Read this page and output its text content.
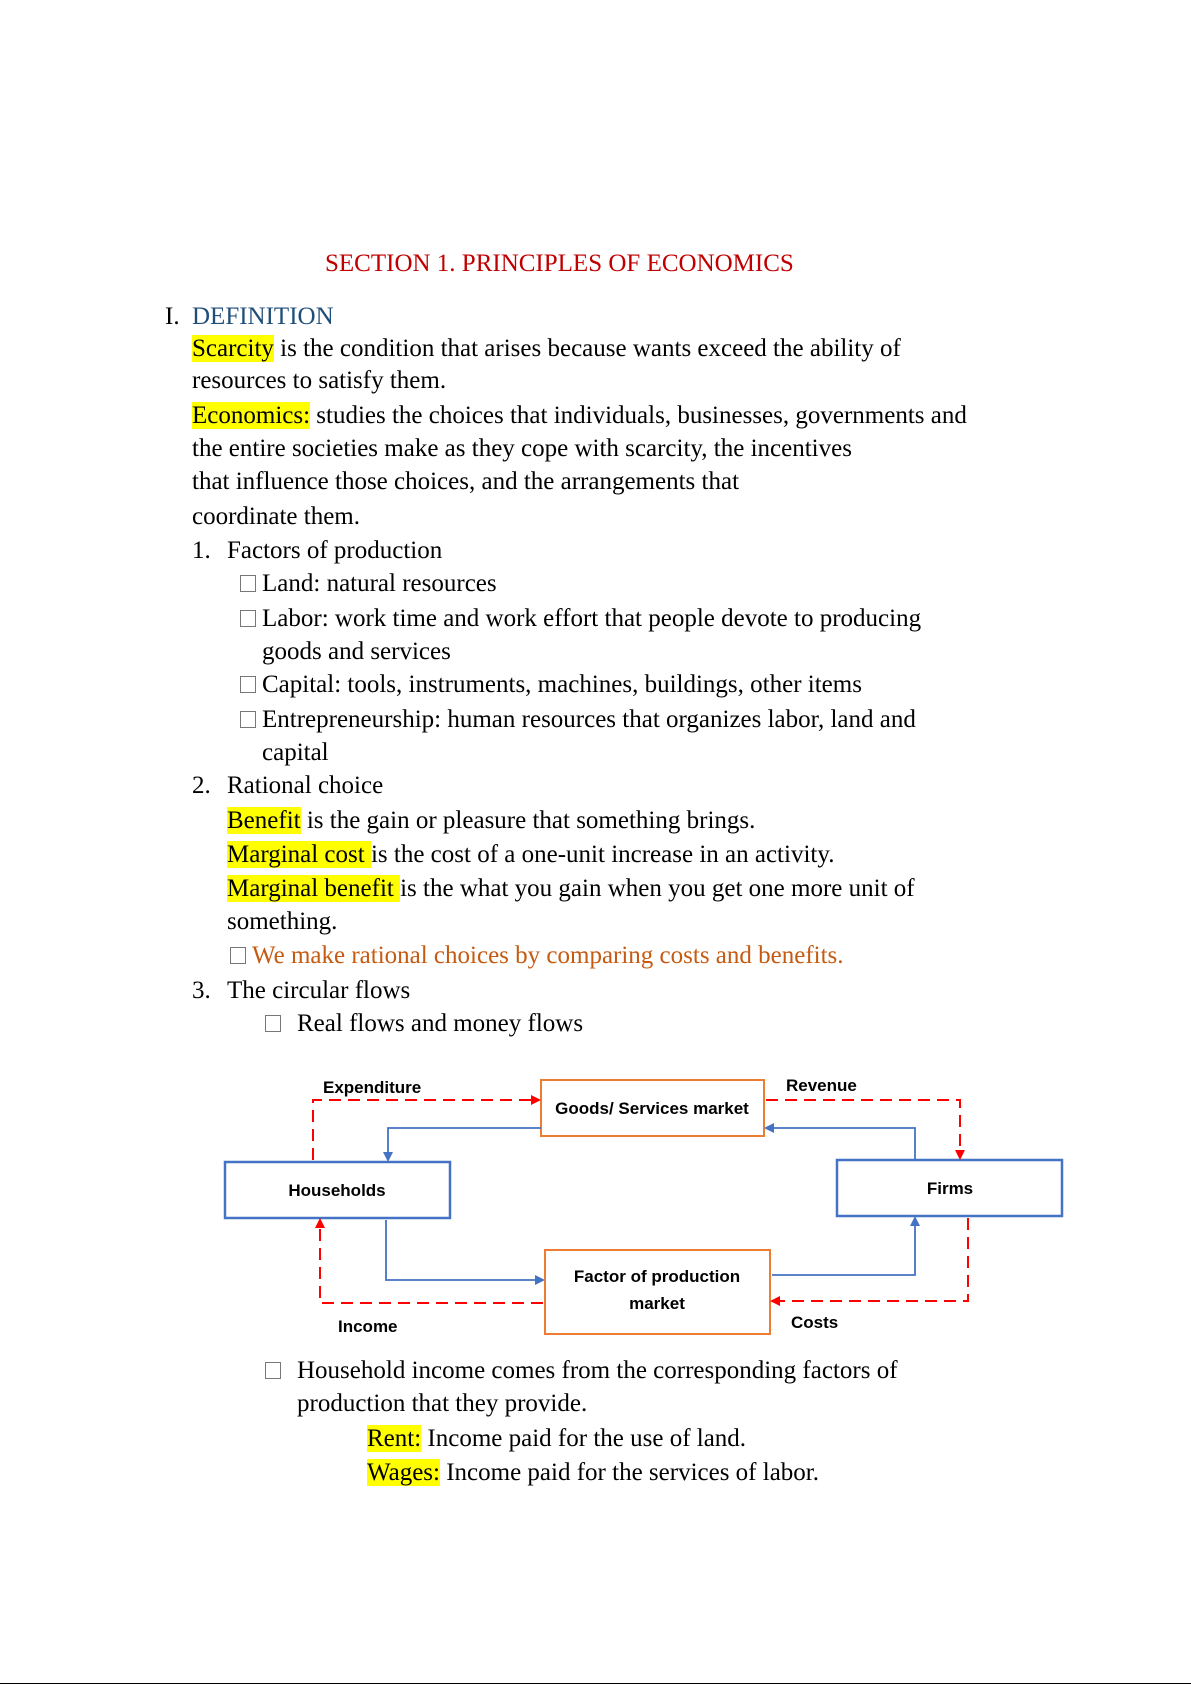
SECTION 1. PRINCIPLES OF ECONOMICS
I. DEFINITION
Scarcity is the condition that arises because wants exceed the ability of
resources to satisfy them.
Economics: studies the choices that individuals, businesses, governments and
the entire societies make as they cope with scarcity, the incentives
that influence those choices, and the arrangements that
coordinate them.
1. Factors of production
Land: natural resources
Labor: work time and work effort that people devote to producing
goods and services
Capital: tools, instruments, machines, buildings, other items
Entrepreneurship: human resources that organizes labor, land and
capital
2. Rational choice
Benefit is the gain or pleasure that something brings.
Marginal cost is the cost of a one-unit increase in an activity.
Marginal benefit is the what you gain when you get one more unit of
something.
We make rational choices by comparing costs and benefits.
3. The circular flows
Real flows and money flows
Goods/ Services market
Households	Firms
Factor of production
market
Expenditure	Revenue
Income	Costs
Household income comes from the corresponding factors of
production that they provide.
Rent: Income paid for the use of land.
Wages: Income paid for the services of labor.
